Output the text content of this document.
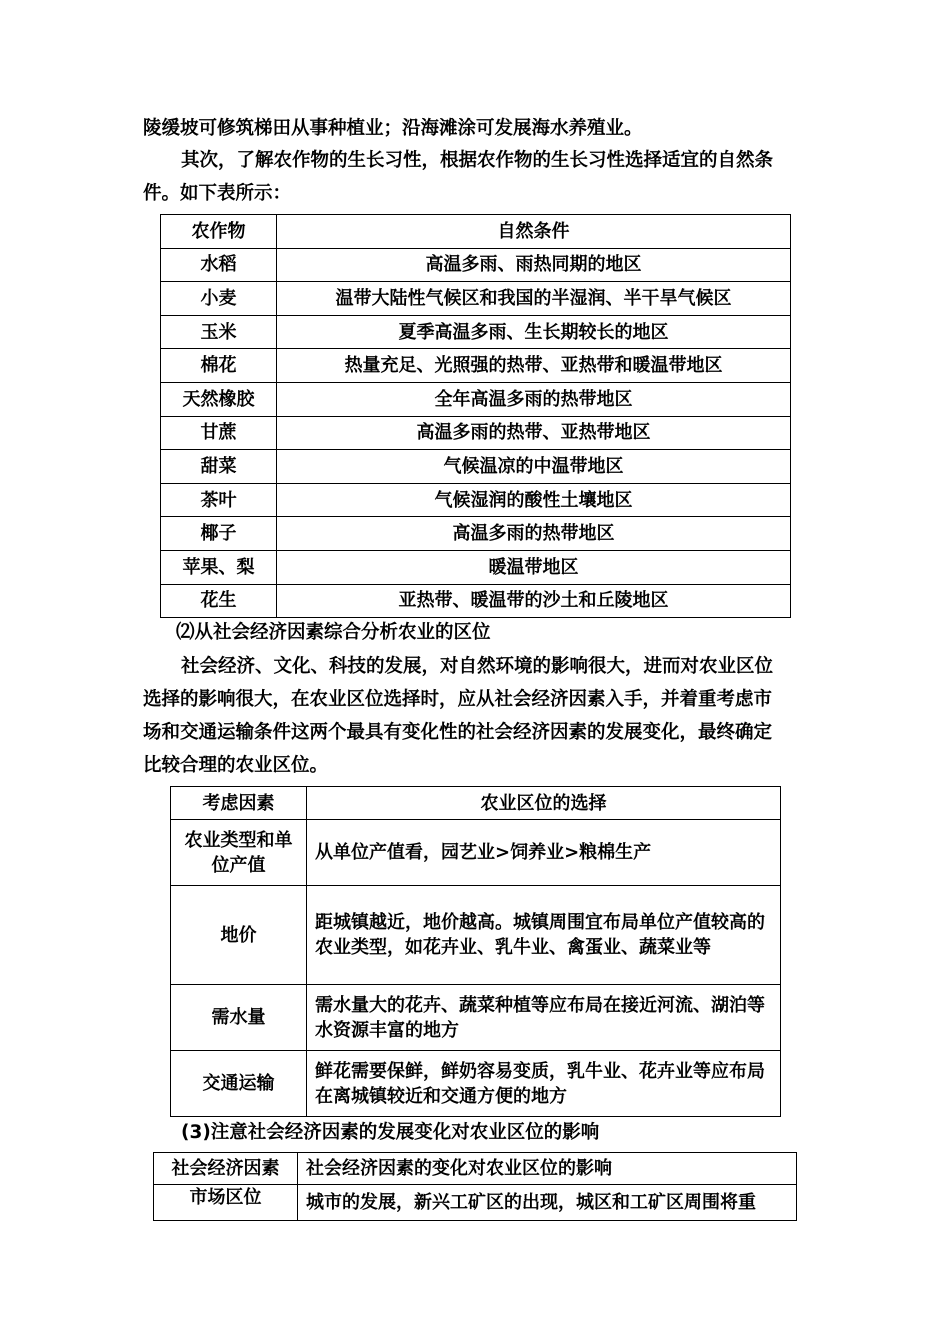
陵缓坡可修筑梯田从事种植业；沿海滩涂可发展海水养殖业。
其次，了解农作物的生长习性，根据农作物的生长习性选择适宜的自然条
件。如下表所示：
农作物	自然条件
水稻	高温多雨、雨热同期的地区
小麦	温带大陆性气候区和我国的半湿润、半干旱气候区
玉米	夏季高温多雨、生长期较长的地区
棉花	热量充足、光照强的热带、亚热带和暖温带地区
天然橡胶	全年高温多雨的热带地区
甘蔗	高温多雨的热带、亚热带地区
甜菜	气候温凉的中温带地区
茶叶	气候湿润的酸性土壤地区
椰子	高温多雨的热带地区
苹果、梨	暖温带地区
花生	亚热带、暖温带的沙土和丘陵地区
⑵从社会经济因素综合分析农业的区位
社会经济、文化、科技的发展，对自然环境的影响很大，进而对农业区位
选择的影响很大，在农业区位选择时，应从社会经济因素入手，并着重考虑市
场和交通运输条件这两个最具有变化性的社会经济因素的发展变化，最终确定
比较合理的农业区位。
考虑因素	农业区位的选择
农业类型和单位产值	从单位产值看，园艺业>饲养业>粮棉生产
地价	距城镇越近，地价越高。城镇周围宜布局单位产值较高的农业类型，如花卉业、乳牛业、禽蛋业、蔬菜业等
需水量	需水量大的花卉、蔬菜种植等应布局在接近河流、湖泊等水资源丰富的地方
交通运输	鲜花需要保鲜，鲜奶容易变质，乳牛业、花卉业等应布局在离城镇较近和交通方便的地方
(3)注意社会经济因素的发展变化对农业区位的影响
社会经济因素	社会经济因素的变化对农业区位的影响
市场区位	城市的发展，新兴工矿区的出现，城区和工矿区周围将重
